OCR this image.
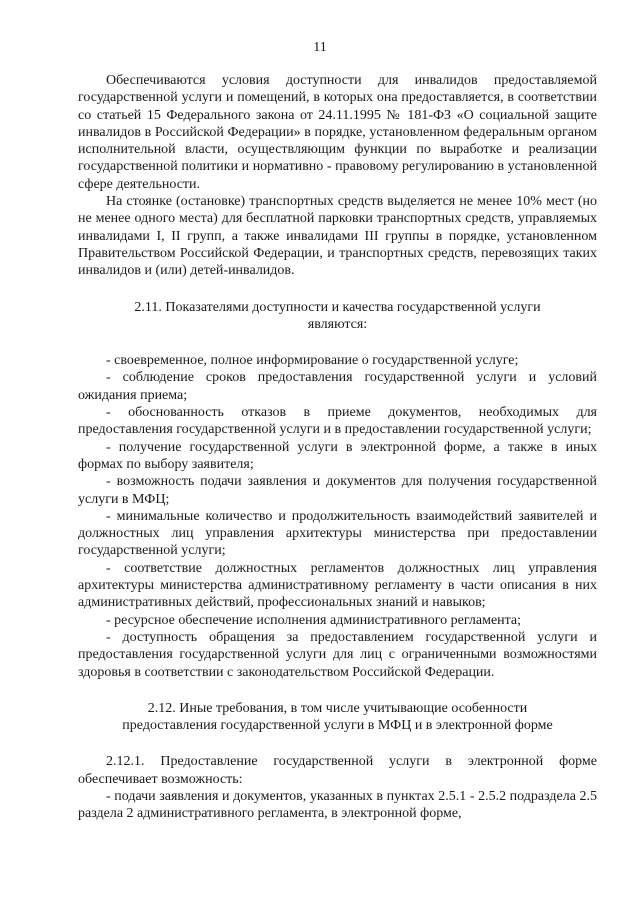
11

Обеспечиваются условия доступности для инвалидов предоставляемой государственной услуги и помещений, в которых она предоставляется, в соответствии со статьей 15 Федерального закона от 24.11.1995 № 181-ФЗ «О социальной защите инвалидов в Российской Федерации» в порядке, установленном федеральным органом исполнительной власти, осуществляющим функции по выработке и реализации государственной политики и нормативно - правовому регулированию в установленной сфере деятельности.

На стоянке (остановке) транспортных средств выделяется не менее 10% мест (но не менее одного места) для бесплатной парковки транспортных средств, управляемых инвалидами I, II групп, а также инвалидами III группы в порядке, установленном Правительством Российской Федерации, и транспортных средств, перевозящих таких инвалидов и (или) детей-инвалидов.

2.11. Показателями доступности и качества государственной услуги

являются:

- своевременное, полное информирование о государственной услуге;

- соблюдение сроков предоставления государственной услуги и условий ожидания приема;

- обоснованность отказов в приеме документов, необходимых для предоставления государственной услуги и в предоставлении государственной услуги;

- получение государственной услуги в электронной форме, а также в иных формах по выбору заявителя;

- возможность подачи заявления и документов для получения государственной услуги в МФЦ;

- минимальные количество и продолжительность взаимодействий заявителей и должностных лиц управления архитектуры министерства при предоставлении государственной услуги;

- соответствие должностных регламентов должностных лиц управления архитектуры министерства административному регламенту в части описания в них административных действий, профессиональных знаний и навыков;

- ресурсное обеспечение исполнения административного регламента;

- доступность обращения за предоставлением государственной услуги и предоставления государственной услуги для лиц с ограниченными возможностями здоровья в соответствии с законодательством Российской Федерации.

2.12. Иные требования, в том числе учитывающие особенности

предоставления государственной услуги в МФЦ и в электронной форме

2.12.1. Предоставление государственной услуги в электронной форме обеспечивает возможность:

- подачи заявления и документов, указанных в пунктах 2.5.1 - 2.5.2 подраздела 2.5 раздела 2 административного регламента, в электронной форме,
